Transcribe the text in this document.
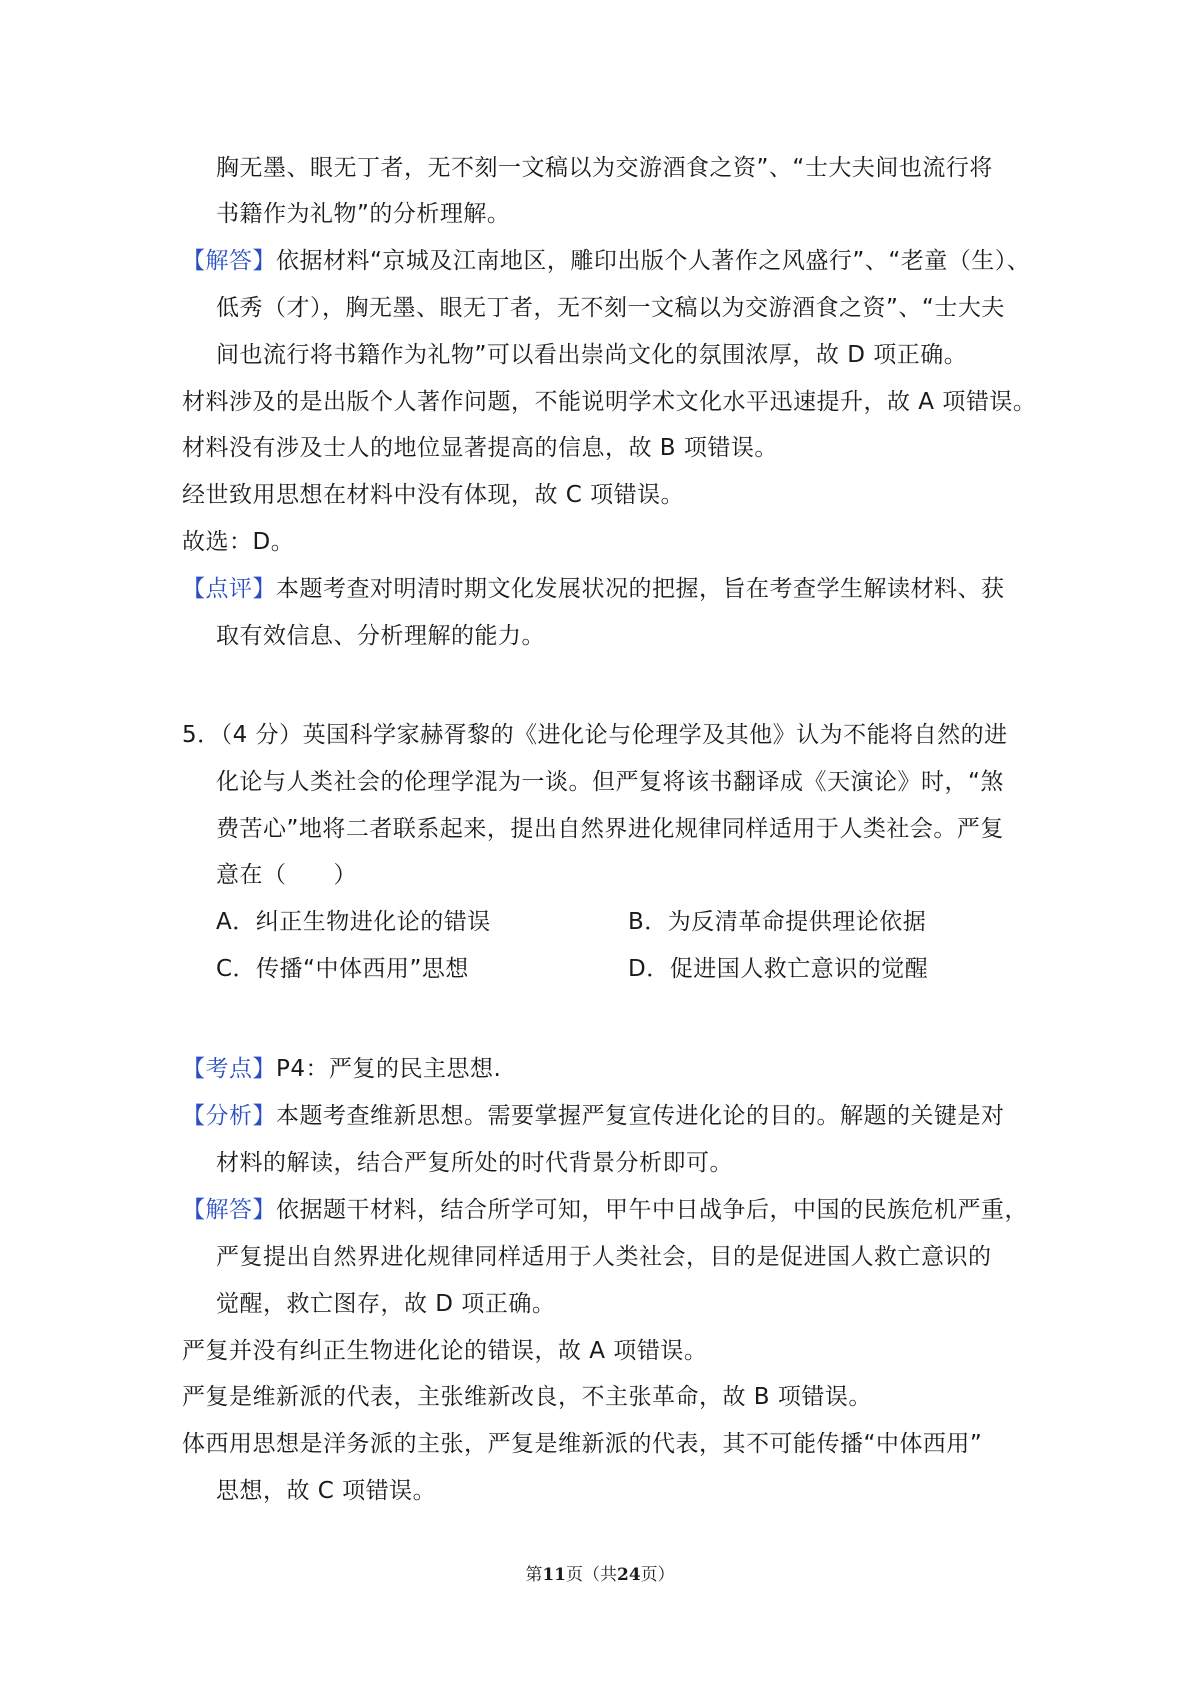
胸无墨、眼无丁者，无不刻一文稿以为交游酒食之资”、“士大夫间也流行将
书籍作为礼物”的分析理解。
【解答】依据材料“京城及江南地区，雕印出版个人著作之风盛行”、“老童（生）、
低秀（才），胸无墨、眼无丁者，无不刻一文稿以为交游酒食之资”、“士大夫
间也流行将书籍作为礼物”可以看出崇尚文化的氛围浓厚，故 D 项正确。
材料涉及的是出版个人著作问题，不能说明学术文化水平迅速提升，故 A 项错误。
材料没有涉及士人的地位显著提高的信息，故 B 项错误。
经世致用思想在材料中没有体现，故 C 项错误。
故选：D。
【点评】本题考查对明清时期文化发展状况的把握，旨在考查学生解读材料、获
取有效信息、分析理解的能力。
5．（4 分）英国科学家赫胥黎的《进化论与伦理学及其他》认为不能将自然的进
化论与人类社会的伦理学混为一谈。但严复将该书翻译成《天演论》时，“煞
费苦心”地将二者联系起来，提出自然界进化规律同样适用于人类社会。严复
意在（　　）
A．纠正生物进化论的错误	B．为反清革命提供理论依据
C．传播“中体西用”思想	D．促进国人救亡意识的觉醒
【考点】P4：严复的民主思想.
【分析】本题考查维新思想。需要掌握严复宣传进化论的目的。解题的关键是对
材料的解读，结合严复所处的时代背景分析即可。
【解答】依据题干材料，结合所学可知，甲午中日战争后，中国的民族危机严重，
严复提出自然界进化规律同样适用于人类社会，目的是促进国人救亡意识的
觉醒，救亡图存，故 D 项正确。
严复并没有纠正生物进化论的错误，故 A 项错误。
严复是维新派的代表，主张维新改良，不主张革命，故 B 项错误。
体西用思想是洋务派的主张，严复是维新派的代表，其不可能传播“中体西用”
思想，故 C 项错误。
第11页（共24页）
